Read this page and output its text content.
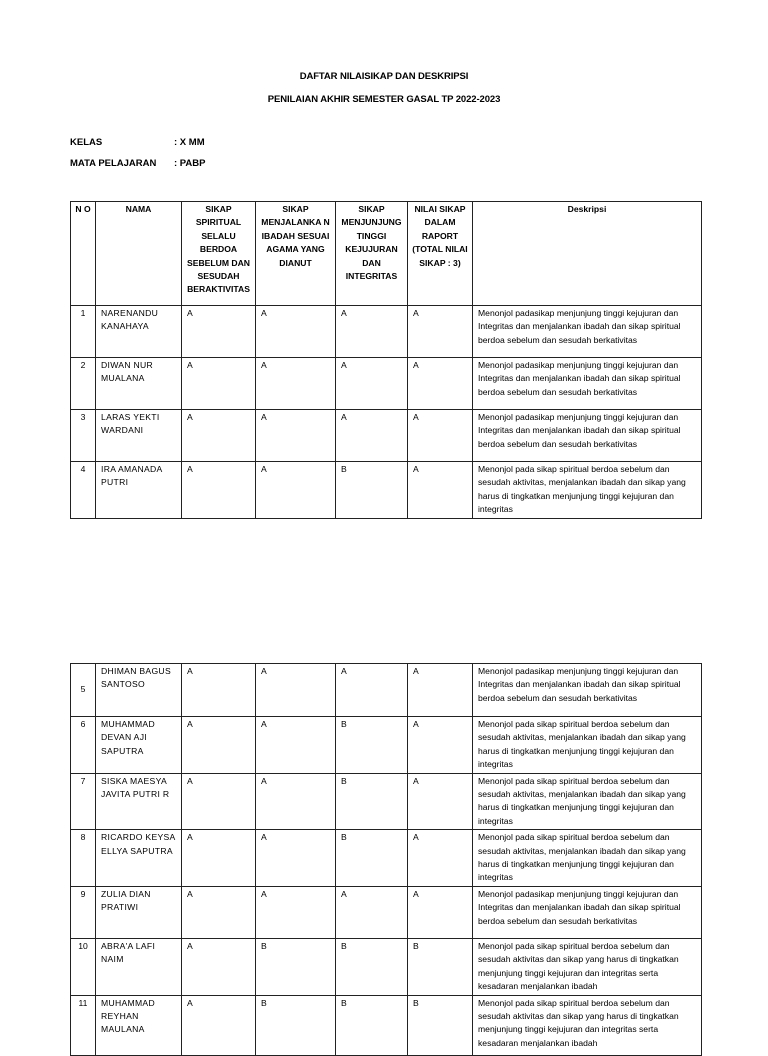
DAFTAR NILAISIKAP DAN DESKRIPSI
PENILAIAN AKHIR SEMESTER GASAL TP 2022-2023
KELAS	: X MM
MATA PELAJARAN : PABP
N O	NAMA	SIKAP SPIRITUAL SELALU BERDOA SEBELUM DAN SESUDAH BERAKTIVITAS	SIKAP MENJALANKA N IBADAH SESUAI AGAMA YANG DIANUT	SIKAP MENJUNJUNG TINGGI KEJUJURAN DAN INTEGRITAS	NILAI SIKAP DALAM RAPORT (TOTAL NILAI SIKAP : 3)	Deskripsi
1	NARENANDU KANAHAYA	A	A	A	A	Menonjol padasikap menjunjung tinggi kejujuran dan Integritas dan menjalankan ibadah dan sikap spiritual berdoa sebelum dan sesudah berkativitas
2	DIWAN NUR MUALANA	A	A	A	A	Menonjol padasikap menjunjung tinggi kejujuran dan Integritas dan menjalankan ibadah dan sikap spiritual berdoa sebelum dan sesudah berkativitas
3	LARAS YEKTI WARDANI	A	A	A	A	Menonjol padasikap menjunjung tinggi kejujuran dan Integritas dan menjalankan ibadah dan sikap spiritual berdoa sebelum dan sesudah berkativitas
4	IRA AMANADA PUTRI	A	A	B	A	Menonjol pada sikap spiritual berdoa sebelum dan sesudah aktivitas, menjalankan ibadah dan sikap yang harus di tingkatkan menjunjung tinggi kejujuran dan integritas
5	DHIMAN BAGUS SANTOSO	A	A	A	A	Menonjol padasikap menjunjung tinggi kejujuran dan Integritas dan menjalankan ibadah dan sikap spiritual berdoa sebelum dan sesudah berkativitas
6	MUHAMMAD DEVAN AJI SAPUTRA	A	A	B	A	Menonjol pada sikap spiritual berdoa sebelum dan sesudah aktivitas, menjalankan ibadah dan sikap yang harus di tingkatkan menjunjung tinggi kejujuran dan integritas
7	SISKA MAESYA JAVITA PUTRI R	A	A	B	A	Menonjol pada sikap spiritual berdoa sebelum dan sesudah aktivitas, menjalankan ibadah dan sikap yang harus di tingkatkan menjunjung tinggi kejujuran dan integritas
8	RICARDO KEYSA ELLYA SAPUTRA	A	A	B	A	Menonjol pada sikap spiritual berdoa sebelum dan sesudah aktivitas, menjalankan ibadah dan sikap yang harus di tingkatkan menjunjung tinggi kejujuran dan integritas
9	ZULIA DIAN PRATIWI	A	A	A	A	Menonjol padasikap menjunjung tinggi kejujuran dan Integritas dan menjalankan ibadah dan sikap spiritual berdoa sebelum dan sesudah berkativitas
10	ABRA'A LAFI NAIM	A	B	B	B	Menonjol pada sikap spiritual berdoa sebelum dan sesudah aktivitas dan sikap yang harus di tingkatkan menjunjung tinggi kejujuran dan integritas serta kesadaran menjalankan ibadah
11	MUHAMMAD REYHAN MAULANA	A	B	B	B	Menonjol pada sikap spiritual berdoa sebelum dan sesudah aktivitas dan sikap yang harus di tingkatkan menjunjung tinggi kejujuran dan integritas serta kesadaran menjalankan ibadah
